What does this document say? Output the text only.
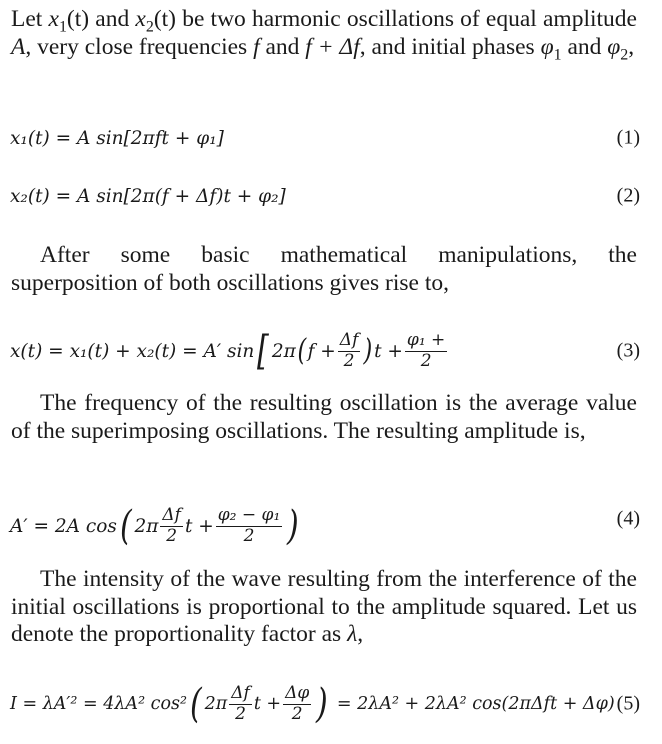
Let $x_1(t)$ and $x_2(t)$ be two harmonic oscillations of equal amplitude A, very close frequencies f and f + Δf, and initial phases $\varphi_1$ and $\varphi_2$,

x₁(t) = A sin[2πft + φ₁]	(1)
x₂(t) = A sin[2π(f + Δf)t + φ₂]	(2)

After some basic mathematical manipulations, the superposition of both oscillations gives rise to,

x(t) = x₁(t) + x₂(t) = A′ sin [ 2π ( $f + \frac{\Delta f}{2}$ ) $t + \frac{\text{φ₁ +}}{2}$	(3)

The frequency of the resulting oscillation is the average value of the superimposing oscillations. The resulting amplitude is,

A′ = 2A cos ( $2\pi \frac{\Delta f}{2}$ $t + \frac{\text{φ₂ − φ₁}}{2}$ )	(4)

The intensity of the wave resulting from the interference of the initial oscillations is proportional to the amplitude squared. Let us denote the proportionality factor as λ,

I = λA′² = 4λA² cos² ( $2\pi \frac{\Delta f}{2}$ $t + \frac{\Delta\varphi}{2}$ ) = 2λA² + 2λA² cos(2πΔft + Δφ) (5)
